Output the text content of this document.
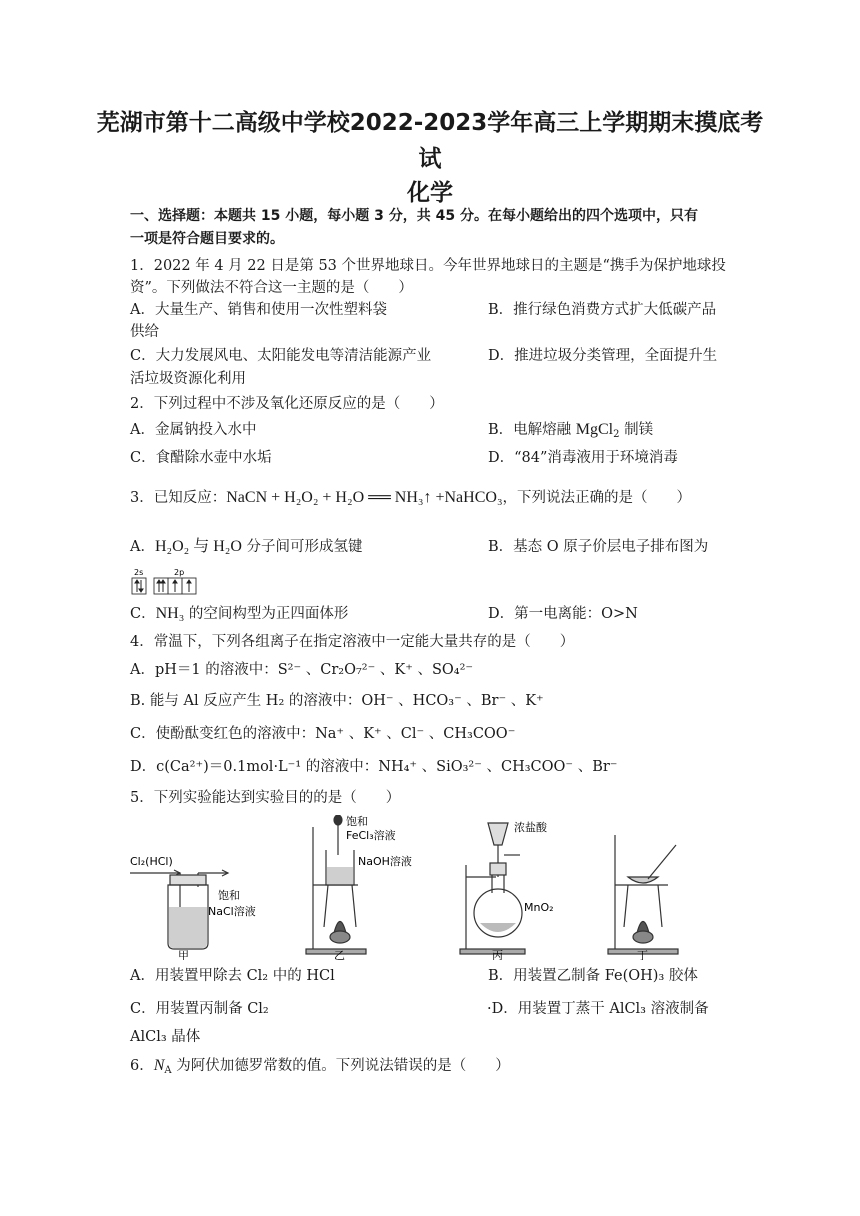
芜湖市第十二高级中学校2022-2023学年高三上学期期末摸底考
试
化学
一、选择题：本题共 15 小题，每小题 3 分，共 45 分。在每小题给出的四个选项中，只有
一项是符合题目要求的。
1．2022 年 4 月 22 日是第 53 个世界地球日。今年世界地球日的主题是“携手为保护地球投
资”。下列做法不符合这一主题的是（　　）
A．大量生产、销售和使用一次性塑料袋	B．推行绿色消费方式扩大低碳产品
供给
C．大力发展风电、太阳能发电等清洁能源产业	D．推进垃圾分类管理，全面提升生
活垃圾资源化利用
2．下列过程中不涉及氧化还原反应的是（　　）
A．金属钠投入水中	B．电解熔融 MgCl$_2$ 制镁
C．食醋除水壶中水垢	D．“84”消毒液用于环境消毒
3．已知反应：NaCN + H₂O₂ + H₂O ══ NH₃↑ +NaHCO₃，下列说法正确的是（　　）
A．H₂O₂ 与 H₂O 分子间可形成氢键	B．基态 O 原子价层电子排布图为
2s	2p
C．NH₃ 的空间构型为正四面体形	D．第一电离能：O>N
4．常温下，下列各组离子在指定溶液中一定能大量共存的是（　　）
A．pH＝1 的溶液中：S²⁻ 、Cr₂O₇²⁻ 、K⁺ 、SO₄²⁻
B. 能与 Al 反应产生 H₂ 的溶液中：OH⁻ 、HCO₃⁻ 、Br⁻ 、K⁺
C．使酚酞变红色的溶液中：Na⁺ 、K⁺ 、Cl⁻ 、CH₃COO⁻
D．c(Ca²⁺)＝0.1mol·L⁻¹ 的溶液中：NH₄⁺ 、SiO₃²⁻ 、CH₃COO⁻ 、Br⁻
5．下列实验能达到实验目的的是（　　）
Cl₂(HCl)
饱和
NaCl溶液
饱和
FeCl₃溶液
NaOH溶液
浓盐酸
MnO₂
甲	乙	丙	丁
A．用装置甲除去 Cl₂ 中的 HCl	B．用装置乙制备 Fe(OH)₃ 胶体
C．用装置丙制备 Cl₂	·D．用装置丁蒸干 AlCl₃ 溶液制备
AlCl₃ 晶体
6．$N_A$ 为阿伏加德罗常数的值。下列说法错误的是（　　）
